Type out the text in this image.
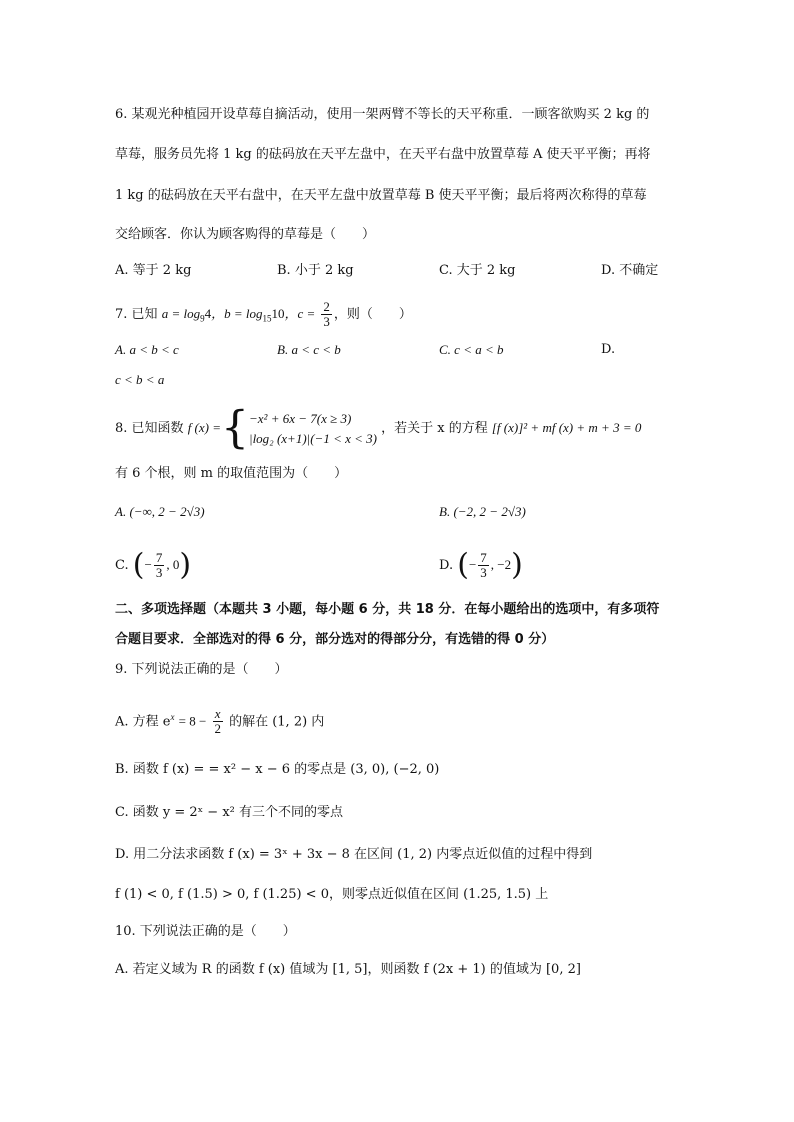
6. 某观光种植园开设草莓自摘活动，使用一架两臂不等长的天平称重．一顾客欲购买 2 kg 的
草莓，服务员先将 1 kg 的砝码放在天平左盘中，在天平右盘中放置草莓 A 使天平平衡；再将
1 kg 的砝码放在天平右盘中，在天平左盘中放置草莓 B 使天平平衡；最后将两次称得的草莓
交给顾客．你认为顾客购得的草莓是（　　）
A. 等于 2 kg	B. 小于 2 kg	C. 大于 2 kg	D. 不确定
7. 已知 $a = \log_94$，$b = \log_{15}10$，$c = \frac{2}{3}$ ，则（　　）
A. a < b < c	B. a < c < b	C. c < a < b	D.
c < b < a
8. 已知函数 f (x) ={ −x² + 6x − 7(x ≥ 3)
|log₂ (x+1)|(−1 < x < 3)
，若关于 x 的方程 [f (x)]² + mf (x) + m + 3 = 0
有 6 个根，则 m 的取值范围为（　　）
A. (−∞, 2 − 2√3)	B. (−2, 2 − 2√3)
C. (− $\frac{7}{3}$ , 0)	D. (− $\frac{7}{3}$ , −2)
二、多项选择题（本题共 3 小题，每小题 6 分，共 18 分．在每小题给出的选项中，有多项符
合题目要求．全部选对的得 6 分，部分选对的得部分分，有选错的得 0 分）
9. 下列说法正确的是（　　）
A. 方程 $e^x = 8 - \frac{x}{2}$ 的解在 (1, 2) 内
B. 函数 f (x) = = x² − x − 6 的零点是 (3, 0), (−2, 0)
C. 函数 y = 2ˣ − x² 有三个不同的零点
D. 用二分法求函数 f (x) = 3ˣ + 3x − 8 在区间 (1, 2) 内零点近似值的过程中得到
f (1) < 0, f (1.5) > 0, f (1.25) < 0，则零点近似值在区间 (1.25, 1.5) 上
10. 下列说法正确的是（　　）
A. 若定义域为 R 的函数 f (x) 值域为 [1, 5]，则函数 f (2x + 1) 的值域为 [0, 2]
